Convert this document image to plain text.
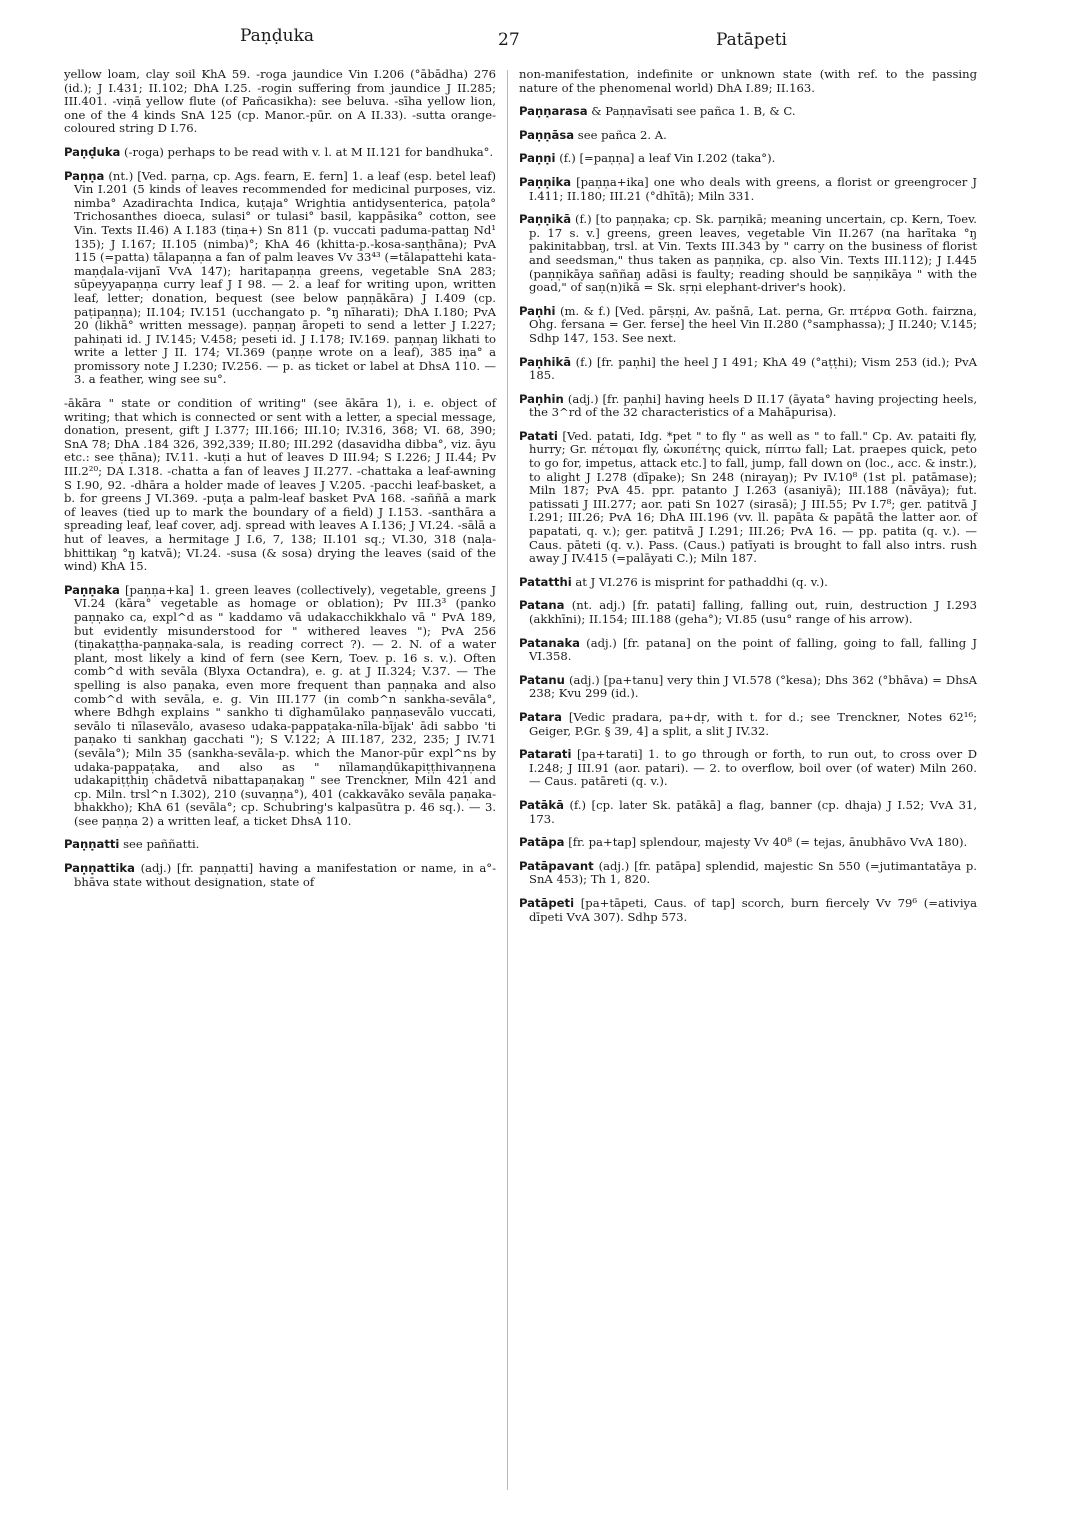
Paṇḍuka	27	Patāpeti

yellow loam, clay soil KhA 59. -roga jaundice Vin I.206 (°ābādha) 276 (id.); J I.431; II.102; DhA I.25. -rogin suffering from jaundice J II.285; III.401. -viṇā yellow flute (of Pañcasikha): see beluva. -sīha yellow lion, one of the 4 kinds SnA 125 (cp. Manor.-pūr. on A II.33). -sutta orange-coloured string D I.76.

Paṇḍuka (-roga) perhaps to be read with v. l. at M II.121 for bandhuka°.

Paṇṇa (nt.) [Ved. parṇa, cp. Ags. fearn, E. fern] 1. a leaf (esp. betel leaf) Vin I.201 (5 kinds of leaves recommended for medicinal purposes, viz. nimba° Azadirachta Indica, kuṭaja° Wrightia antidysenterica, paṭola° Trichosanthes dioeca, sulasi° or tulasi° basil, kappāsika° cotton, see Vin. Texts II.46) A I.183 (tiṇa+) Sn 811 (p. vuccati paduma-pattaŋ Nd¹ 135); J I.167; II.105 (nimba)°; KhA 46 (khitta-p.-kosa-saṇṭhāna); PvA 115 (=patta) tālapaṇṇa a fan of palm leaves Vv 33⁴³ (=tālapattehi kata-maṇḍala-vijanī VvA 147); haritapaṇṇa greens, vegetable SnA 283; sūpeyyapaṇṇa curry leaf J I 98. — 2. a leaf for writing upon, written leaf, letter; donation, bequest (see below paṇṇākāra) J I.409 (cp. paṭipaṇṇa); II.104; IV.151 (ucchangato p. °ŋ nīharati); DhA I.180; PvA 20 (likhā° written message). paṇṇaŋ āropeti to send a letter J I.227; pahiṇati id. J IV.145; V.458; peseti id. J I.178; IV.169. paṇṇaŋ likhati to write a letter J II. 174; VI.369 (paṇṇe wrote on a leaf), 385 iṇa° a promissory note J I.230; IV.256. — p. as ticket or label at DhsA 110. — 3. a feather, wing see su°.

-ākāra " state or condition of writing" (see ākāra 1), i. e. object of writing; that which is connected or sent with a letter, a special message, donation, present, gift J I.377; III.166; III.10; IV.316, 368; VI. 68, 390; SnA 78; DhA .184 326, 392,339; II.80; III.292 (dasavidha dibba°, viz. āyu etc.: see ṭhāna); IV.11. -kuṭi a hut of leaves D III.94; S I.226; J II.44; Pv III.2²⁰; DA I.318. -chatta a fan of leaves J II.277. -chattaka a leaf-awning S I.90, 92. -dhāra a holder made of leaves J V.205. -pacchi leaf-basket, a b. for greens J VI.369. -puṭa a palm-leaf basket PvA 168. -saññā a mark of leaves (tied up to mark the boundary of a field) J I.153. -santhāra a spreading leaf, leaf cover, adj. spread with leaves A I.136; J VI.24. -sālā a hut of leaves, a hermitage J I.6, 7, 138; II.101 sq.; VI.30, 318 (naḷa-bhittikaŋ °ŋ katvā); VI.24. -susa (& sosa) drying the leaves (said of the wind) KhA 15.

Paṇṇaka [paṇṇa+ka] 1. green leaves (collectively), vegetable, greens J VI.24 (kāra° vegetable as homage or oblation); Pv III.3³ (panko paṇṇako ca, expl^d as " kaddamo vā udakacchikkhalo vā " PvA 189, but evidently misunderstood for " withered leaves "); PvA 256 (tiṇakaṭṭha-paṇṇaka-sala, is reading correct ?). — 2. N. of a water plant, most likely a kind of fern (see Kern, Toev. p. 16 s. v.). Often comb^d with sevāla (Blyxa Octandra), e. g. at J II.324; V.37. — The spelling is also paṇaka, even more frequent than paṇṇaka and also comb^d with sevāla, e. g. Vin III.177 (in comb^n sankha-sevāla°, where Bdhgh explains " sankho ti dīghamūlako paṇṇasevālo vuccati, sevālo ti nīlasevālo, avaseso udaka-pappaṭaka-nīla-bījak' ādi sabbo 'ti paṇako ti sankhaŋ gacchati "); S V.122; A III.187, 232, 235; J IV.71 (sevāla°); Miln 35 (sankha-sevāla-p. which the Manor-pūr expl^ns by udaka-pappaṭaka, and also as " nīlamaṇḍūkapiṭṭhivaṇṇena udakapiṭṭhiŋ chādetvā nibattapaṇakaŋ " see Trenckner, Miln 421 and cp. Miln. trsl^n I.302), 210 (suvaṇṇa°), 401 (cakkavāko sevāla paṇaka-bhakkho); KhA 61 (sevāla°; cp. Schubring's kalpasūtra p. 46 sq.). — 3. (see paṇṇa 2) a written leaf, a ticket DhsA 110.

Paṇṇatti see paññatti.

Paṇṇattika (adj.) [fr. paṇṇatti] having a manifestation or name, in a°-bhāva state without designation, state of

non-manifestation, indefinite or unknown state (with ref. to the passing nature of the phenomenal world) DhA I.89; II.163.

Paṇṇarasa & Paṇṇavīsati see pañca 1. B, & C.

Paṇṇāsa see pañca 2. A.

Paṇṇi (f.) [=paṇṇa] a leaf Vin I.202 (taka°).

Paṇṇika [paṇṇa+ika] one who deals with greens, a florist or greengrocer J I.411; II.180; III.21 (°dhītā); Miln 331.

Paṇṇikā (f.) [to paṇṇaka; cp. Sk. parṇikā; meaning uncertain, cp. Kern, Toev. p. 17 s. v.] greens, green leaves, vegetable Vin II.267 (na harītaka °ŋ pakinitabbaŋ, trsl. at Vin. Texts III.343 by " carry on the business of florist and seedsman," thus taken as paṇṇika, cp. also Vin. Texts III.112); J I.445 (paṇṇikāya saññaŋ adāsi is faulty; reading should be saṇṇikāya " with the goad," of saṇ(n)ikā = Sk. sṛṇi elephant-driver's hook).

Paṇhi (m. & f.) [Ved. pārṣṇi, Av. pašnā, Lat. perna, Gr. πτέρνα Goth. fairzna, Ohg. fersana = Ger. ferse] the heel Vin II.280 (°samphassa); J II.240; V.145; Sdhp 147, 153. See next.

Paṇhikā (f.) [fr. paṇhi] the heel J I 491; KhA 49 (°aṭṭhi); Vism 253 (id.); PvA 185.

Paṇhin (adj.) [fr. paṇhi] having heels D II.17 (āyata° having projecting heels, the 3^rd of the 32 characteristics of a Mahāpurisa).

Patati [Ved. patati, Idg. *pet " to fly " as well as " to fall." Cp. Av. pataiti fly, hurry; Gr. πέτομαι fly, ὠκυπέτης quick, πίπτω fall; Lat. praepes quick, peto to go for, impetus, attack etc.] to fall, jump, fall down on (loc., acc. & instr.), to alight J I.278 (dīpake); Sn 248 (nirayaŋ); Pv IV.10⁸ (1st pl. patāmase); Miln 187; PvA 45. ppr. patanto J I.263 (asaniyā); III.188 (nāvāya); fut. patissati J III.277; aor. pati Sn 1027 (sirasā); J III.55; Pv I.7⁸; ger. patitvā J I.291; III.26; PvA 16; DhA III.196 (vv. ll. papāta & papātā the latter aor. of papatati, q. v.); ger. patitvā J I.291; III.26; PvA 16. — pp. patita (q. v.). — Caus. pāteti (q. v.). Pass. (Caus.) patīyati is brought to fall also intrs. rush away J IV.415 (=palāyati C.); Miln 187.

Patatthi at J VI.276 is misprint for pathaddhi (q. v.).

Patana (nt. adj.) [fr. patati] falling, falling out, ruin, destruction J I.293 (akkhīni); II.154; III.188 (geha°); VI.85 (usu° range of his arrow).

Patanaka (adj.) [fr. patana] on the point of falling, going to fall, falling J VI.358.

Patanu (adj.) [pa+tanu] very thin J VI.578 (°kesa); Dhs 362 (°bhāva) = DhsA 238; Kvu 299 (id.).

Patara [Vedic pradara, pa+dṛ, with t. for d.; see Trenckner, Notes 62¹⁶; Geiger, P.Gr. § 39, 4] a split, a slit J IV.32.

Patarati [pa+tarati] 1. to go through or forth, to run out, to cross over D I.248; J III.91 (aor. patari). — 2. to overflow, boil over (of water) Miln 260. — Caus. patāreti (q. v.).

Patākā (f.) [cp. later Sk. patākā] a flag, banner (cp. dhaja) J I.52; VvA 31, 173.

Patāpa [fr. pa+tap] splendour, majesty Vv 40⁸ (= tejas, ānubhāvo VvA 180).

Patāpavant (adj.) [fr. patāpa] splendid, majestic Sn 550 (=jutimantatāya p. SnA 453); Th 1, 820.

Patāpeti [pa+tāpeti, Caus. of tap] scorch, burn fiercely Vv 79⁶ (=ativiya dīpeti VvA 307). Sdhp 573.
